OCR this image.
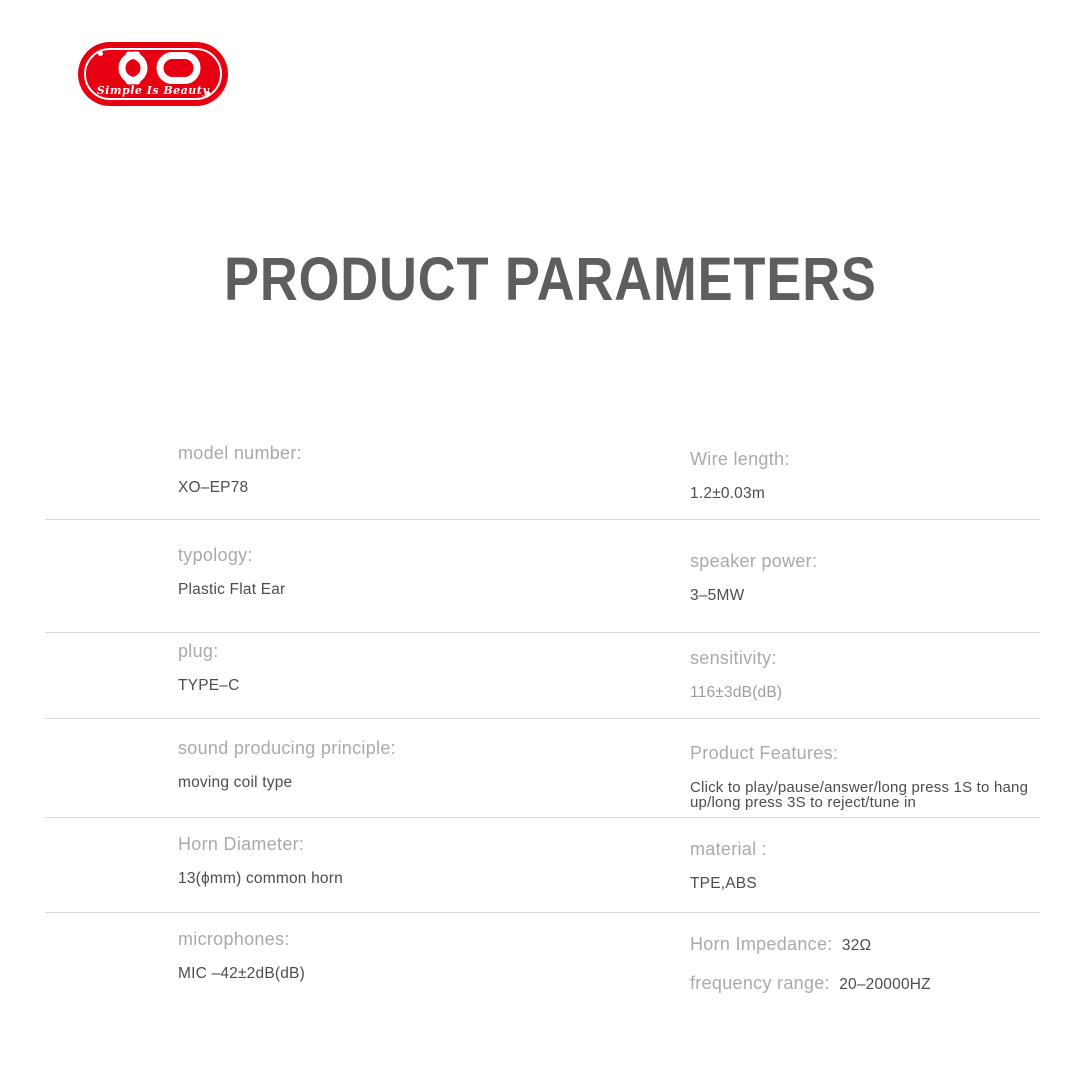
Simple Is Beauty
PRODUCT PARAMETERS
model number:
XO–EP78
Wire length:
1.2±0.03m
typology:
Plastic Flat Ear
speaker power:
3–5MW
plug:
TYPE–C
sensitivity:
116±3dB(dB)
sound producing principle:
moving coil type
Product Features:
Click to play/pause/answer/long press 1S to hang up/long press 3S to reject/tune in
Horn Diameter:
13(ϕmm) common horn
material :
TPE,ABS
microphones:
MIC –42±2dB(dB)
Horn Impedance: 32Ω
frequency range: 20–20000HZ
